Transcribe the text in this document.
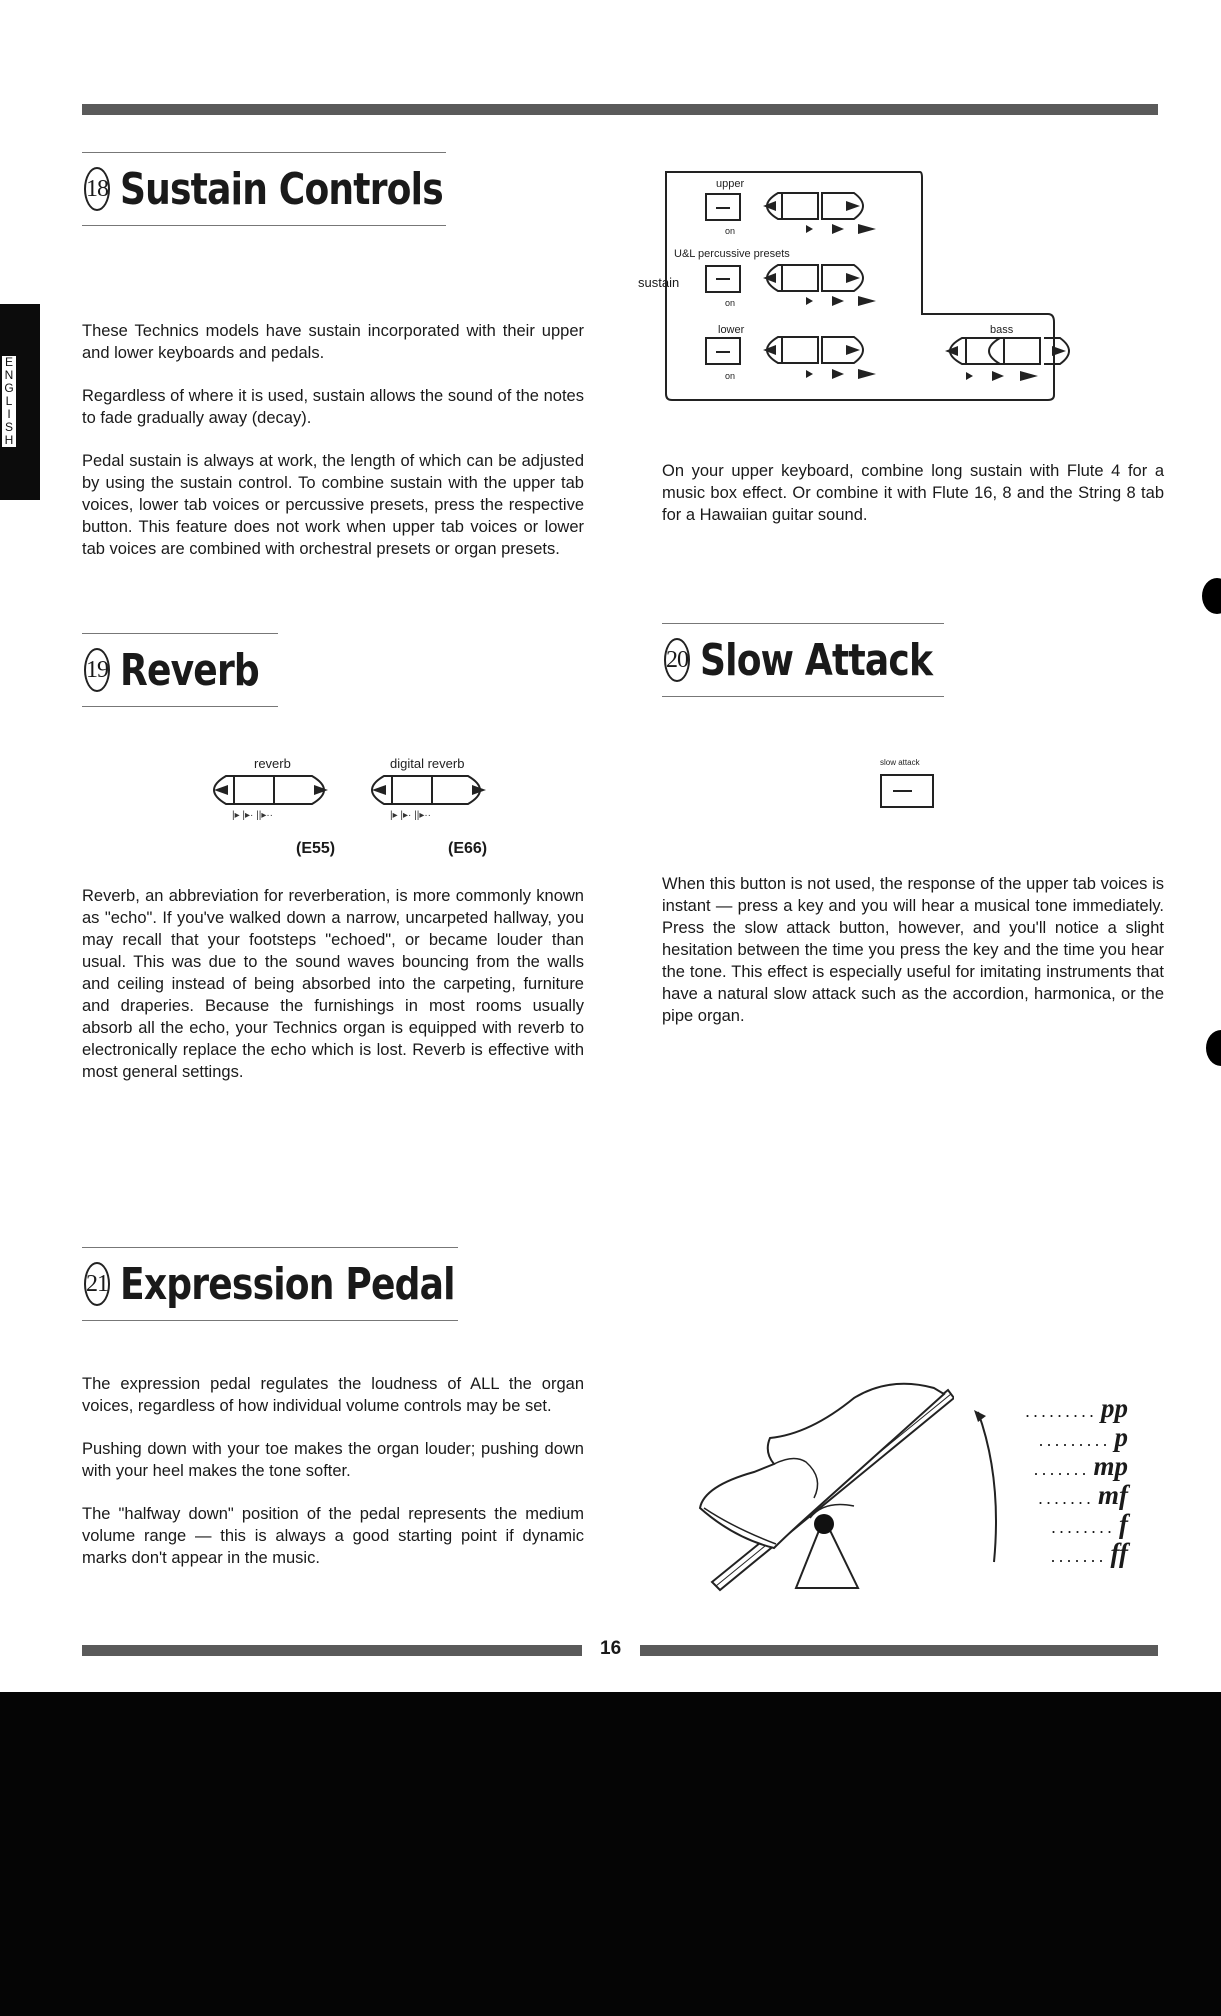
E
N
G
L
I
S
H
18 Sustain Controls

These Technics models have sustain incorporated with their upper and lower keyboards and pedals.

Regardless of where it is used, sustain allows the sound of the notes to fade gradually away (decay).

Pedal sustain is always at work, the length of which can be adjusted by using the sustain control. To combine sustain with the upper tab voices, lower tab voices or percussive presets, press the respective button. This feature does not work when upper tab voices or lower tab voices are combined with orchestral presets or organ presets.

upper
U&L percussive presets
lower	bass
sustain
on
on
on
On your upper keyboard, combine long sustain with Flute 4 for a music box effect. Or combine it with Flute 16, 8 and the String 8 tab for a Hawaiian guitar sound.
19 Reverb
reverb	digital reverb
|▸ |▸· ||▸··	|▸ |▸· ||▸··
(E55)	(E66)
Reverb, an abbreviation for reverberation, is more commonly known as "echo". If you've walked down a narrow, uncarpeted hallway, you may recall that your footsteps "echoed", or became louder than usual. This was due to the sound waves bouncing from the walls and ceiling instead of being absorbed into the carpeting, furniture and draperies. Because the furnishings in most rooms usually absorb all the echo, your Technics organ is equipped with reverb to electronically replace the echo which is lost. Reverb is effective with most general settings.
20 Slow Attack
slow attack
When this button is not used, the response of the upper tab voices is instant — press a key and you will hear a musical tone immediately. Press the slow attack button, however, and you'll notice a slight hesitation between the time you press the key and the time you hear the tone. This effect is especially useful for imitating instruments that have a natural slow attack such as the accordion, harmonica, or the pipe organ.
21 Expression Pedal

The expression pedal regulates the loudness of ALL the organ voices, regardless of how individual volume controls may be set.

Pushing down with your toe makes the organ louder; pushing down with your heel makes the tone softer.

The "halfway down" position of the pedal represents the medium volume range — this is always a good starting point if dynamic marks don't appear in the music.

......... pp
......... p
....... mp
....... mf
........ f
....... ff
16
